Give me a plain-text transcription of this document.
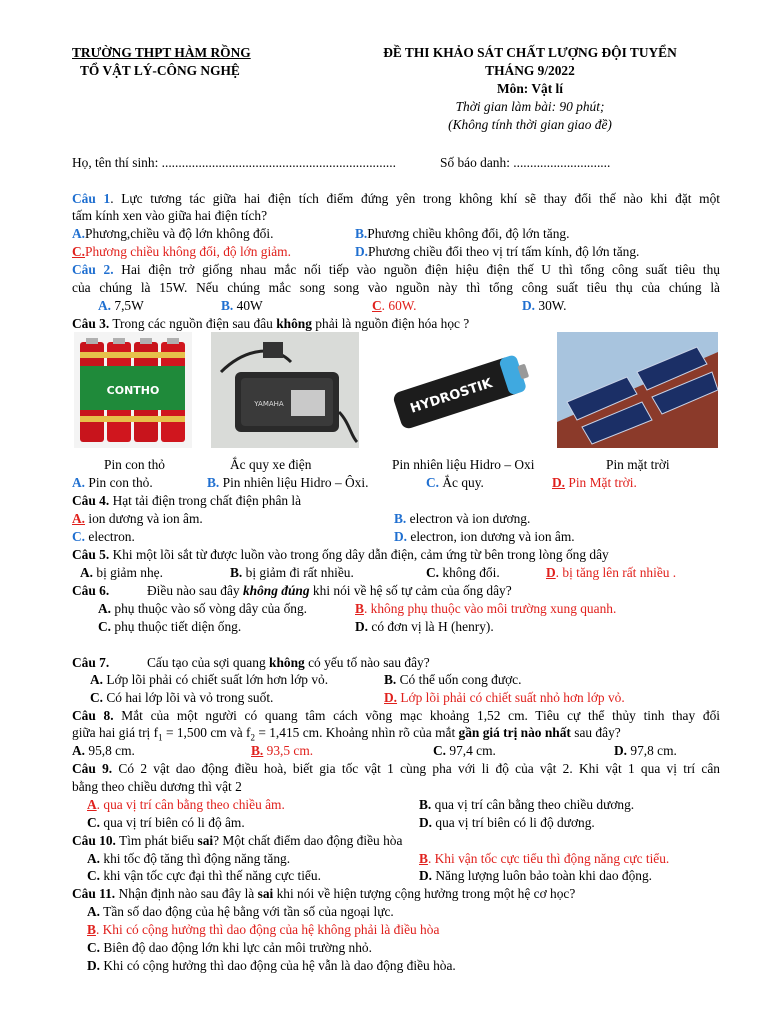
TRƯỜNG THPT HÀM RỒNG
TỔ VẬT LÝ-CÔNG NGHỆ
ĐỀ THI KHẢO SÁT CHẤT LƯỢNG ĐỘI TUYỂN
THÁNG 9/2022
Môn: Vật lí
Thời gian làm bài: 90 phút;
(Không tính thời gian giao đề)
Họ, tên thí sinh: ......................................................................	Số báo danh: .............................
Câu 1. Lực tương tác giữa hai điện tích điểm đứng yên trong không khí sẽ thay đổi thế nào khi đặt một
tấm kính xen vào giữa hai điện tích?
A.Phương,chiều và độ lớn không đổi.	B.Phương chiều không đổi, độ lớn tăng.
C.Phương chiều không đổi, độ lớn giảm.	D.Phương chiều đổi theo vị trí tấm kính, độ lớn tăng.
Câu 2. Hai điện trở giống nhau mắc nối tiếp vào nguồn điện hiệu điện thế U thì tổng công suất tiêu thụ
của chúng là 15W. Nếu chúng mắc song song vào nguồn này thì tổng công suất tiêu thụ của chúng là
A. 7,5W	B. 40W	C. 60W.	D. 30W.
Câu 3. Trong các nguồn điện sau đâu không phải là nguồn điện hóa học ?
CONTHO
YAMAHA	HYDROSTIK
Pin con thỏ	Ắc quy xe điện	Pin nhiên liệu Hidro – Oxi	Pin mặt trời
A. Pin con thỏ.	B. Pin nhiên liệu Hidro – Ôxi.	C. Ắc quy.	D. Pin Mặt trời.
Câu 4. Hạt tải điện trong chất điện phân là
A. ion dương và ion âm.	B. electron và ion dương.
C. electron.	D. electron, ion dương và ion âm.
Câu 5. Khi một lõi sắt từ được luồn vào trong ống dây dẫn điện, cảm ứng từ bên trong lòng ống dây
A. bị giảm nhẹ.	B. bị giảm đi rất nhiều.	C. không đổi.	D. bị tăng lên rất nhiều .
Câu 6.	Điều nào sau đây không đúng khi nói về hệ số tự cảm của ống dây?
A. phụ thuộc vào số vòng dây của ống.	B. không phụ thuộc vào môi trường xung quanh.
C. phụ thuộc tiết diện ống.	D. có đơn vị là H (henry).
Câu 7.	Cấu tạo của sợi quang không có yếu tố nào sau đây?
A. Lớp lõi phải có chiết suất lớn hơn lớp vỏ.	B. Có thể uốn cong được.
C. Có hai lớp lõi và vỏ trong suốt.	D. Lớp lõi phải có chiết suất nhỏ hơn lớp vỏ.
Câu 8. Mắt của một người có quang tâm cách võng mạc khoảng 1,52 cm. Tiêu cự thể thủy tinh thay đổi
giữa hai giá trị $f_1 = 1,500$ cm và $f_2 = 1,415$ cm. Khoảng nhìn rõ của mắt gần giá trị nào nhất sau đây?
A. 95,8 cm.	B. 93,5 cm.	C. 97,4 cm.	D. 97,8 cm.
Câu 9. Có 2 vật dao động điều hoà, biết gia tốc vật 1 cùng pha với li độ của vật 2. Khi vật 1 qua vị trí cân
bằng theo chiều dương thì vật 2
A. qua vị trí cân bằng theo chiều âm.	B. qua vị trí cân bằng theo chiều dương.
C. qua vị trí biên có li độ âm.	D. qua vị trí biên có li độ dương.
Câu 10. Tìm phát biểu sai? Một chất điểm dao động điều hòa
A. khi tốc độ tăng thì động năng tăng.	B. Khi vận tốc cực tiểu thì động năng cực tiểu.
C. khi vận tốc cực đại thì thế năng cực tiểu.	D. Năng lượng luôn bảo toàn khi dao động.
Câu 11. Nhận định nào sau đây là sai khi nói về hiện tượng cộng hưởng trong một hệ cơ học?
A. Tần số dao động của hệ bằng với tần số của ngoại lực.
B. Khi có cộng hưởng thì dao động của hệ không phải là điều hòa
C. Biên độ dao động lớn khi lực cản môi trường nhỏ.
D. Khi có cộng hưởng thì dao động của hệ vẫn là dao động điều hòa.
